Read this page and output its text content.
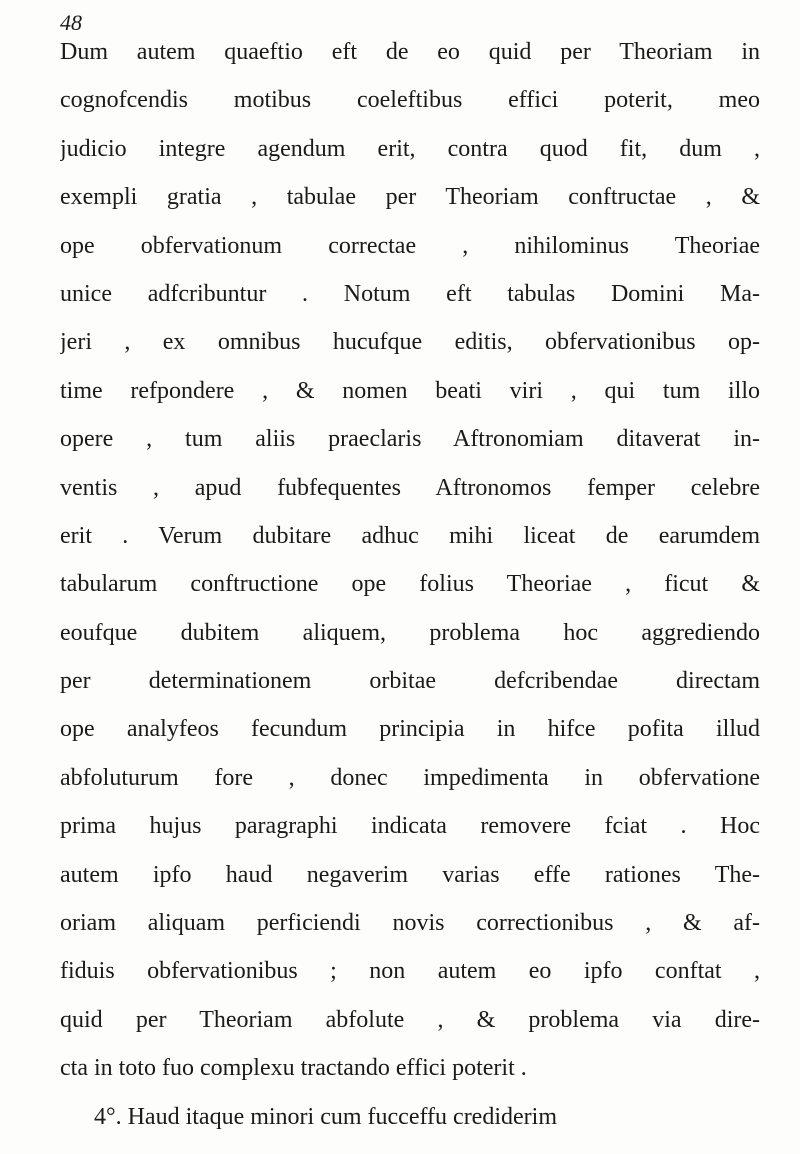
48
Dum autem quaeftio eft de eo quid per Theoriam in
cognofcendis motibus coeleftibus effici poterit, meo
judicio integre agendum erit, contra quod fit, dum ,
exempli gratia , tabulae per Theoriam conftructae , &
ope obfervationum correctae , nihilominus Theoriae
unice adfcribuntur . Notum eft tabulas Domini Ma-
jeri , ex omnibus hucufque editis, obfervationibus op-
time refpondere , & nomen beati viri , qui tum illo
opere , tum aliis praeclaris Aftronomiam ditaverat in-
ventis , apud fubfequentes Aftronomos femper celebre
erit . Verum dubitare adhuc mihi liceat de earumdem
tabularum conftructione ope folius Theoriae , ficut &
eoufque dubitem aliquem, problema hoc aggrediendo
per determinationem orbitae defcribendae directam
ope analyfeos fecundum principia in hifce pofita illud
abfoluturum fore , donec impedimenta in obfervatione
prima hujus paragraphi indicata removere fciat . Hoc
autem ipfo haud negaverim varias effe rationes The-
oriam aliquam perficiendi novis correctionibus , & af-
fiduis obfervationibus ; non autem eo ipfo conftat ,
quid per Theoriam abfolute , & problema via dire-
cta in toto fuo complexu tractando effici poterit .
4°. Haud itaque minori cum fucceffu crediderim
